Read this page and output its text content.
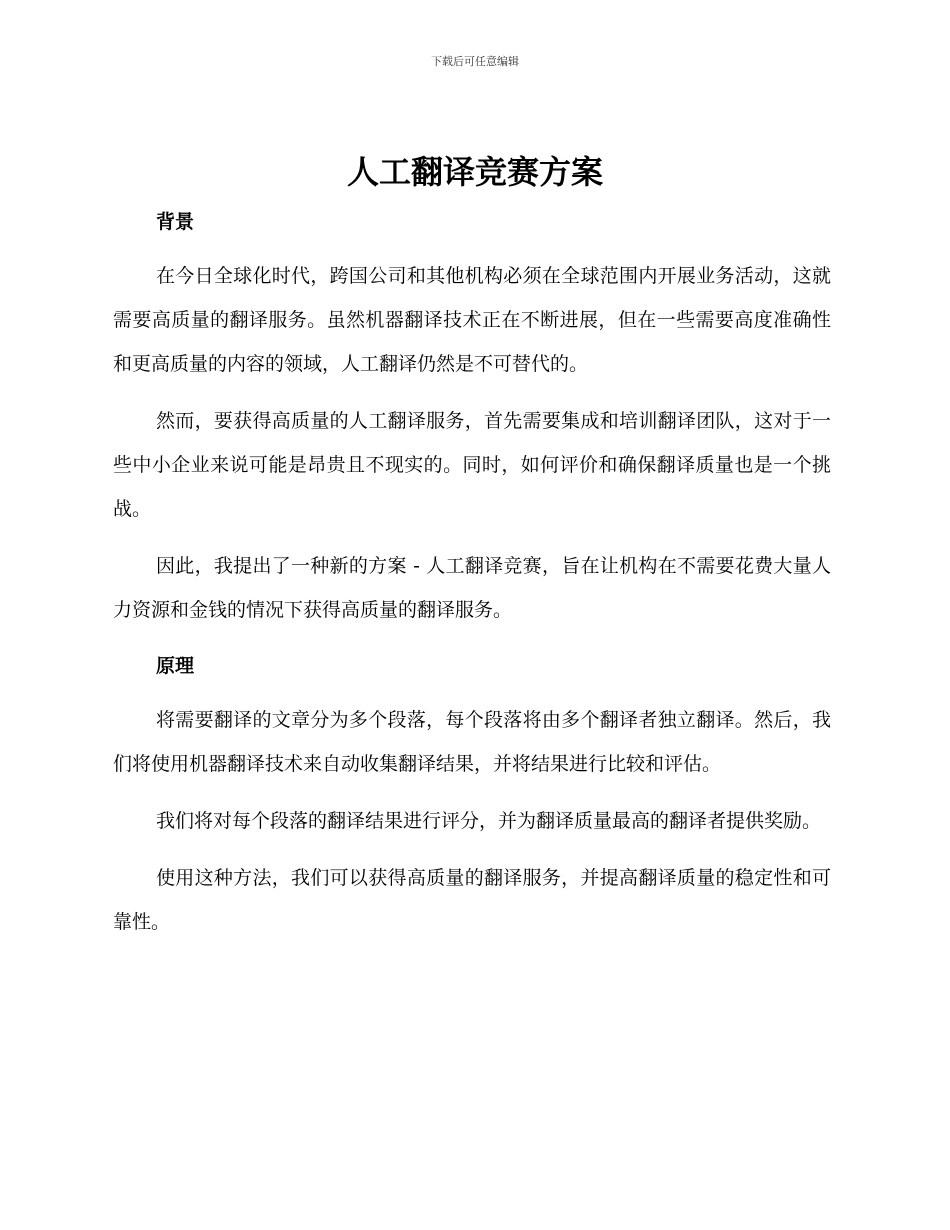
下载后可任意编辑
人工翻译竞赛方案
背景

在今日全球化时代，跨国公司和其他机构必须在全球范围内开展业务活动，这就需要高质量的翻译服务。虽然机器翻译技术正在不断进展，但在一些需要高度准确性和更高质量的内容的领域，人工翻译仍然是不可替代的。

然而，要获得高质量的人工翻译服务，首先需要集成和培训翻译团队，这对于一些中小企业来说可能是昂贵且不现实的。同时，如何评价和确保翻译质量也是一个挑战。

因此，我提出了一种新的方案 - 人工翻译竞赛，旨在让机构在不需要花费大量人力资源和金钱的情况下获得高质量的翻译服务。

原理

将需要翻译的文章分为多个段落，每个段落将由多个翻译者独立翻译。然后，我们将使用机器翻译技术来自动收集翻译结果，并将结果进行比较和评估。

我们将对每个段落的翻译结果进行评分，并为翻译质量最高的翻译者提供奖励。

使用这种方法，我们可以获得高质量的翻译服务，并提高翻译质量的稳定性和可靠性。
